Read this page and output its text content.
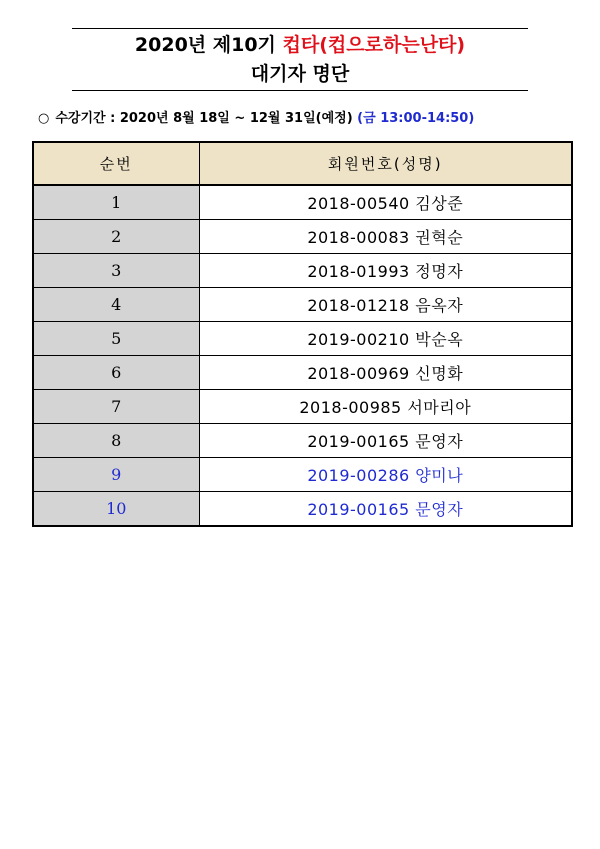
2020년 제10기 컵타(컵으로하는난타)
대기자 명단
○ 수강기간 : 2020년 8월 18일 ~ 12월 31일(예정) (금 13:00-14:50)
순번	회원번호(성명)
1	2018-00540 김상준
2	2018-00083 권혁순
3	2018-01993 정명자
4	2018-01218 음옥자
5	2019-00210 박순옥
6	2018-00969 신명화
7	2018-00985 서마리아
8	2019-00165 문영자
9	2019-00286 양미나
10	2019-00165 문영자
